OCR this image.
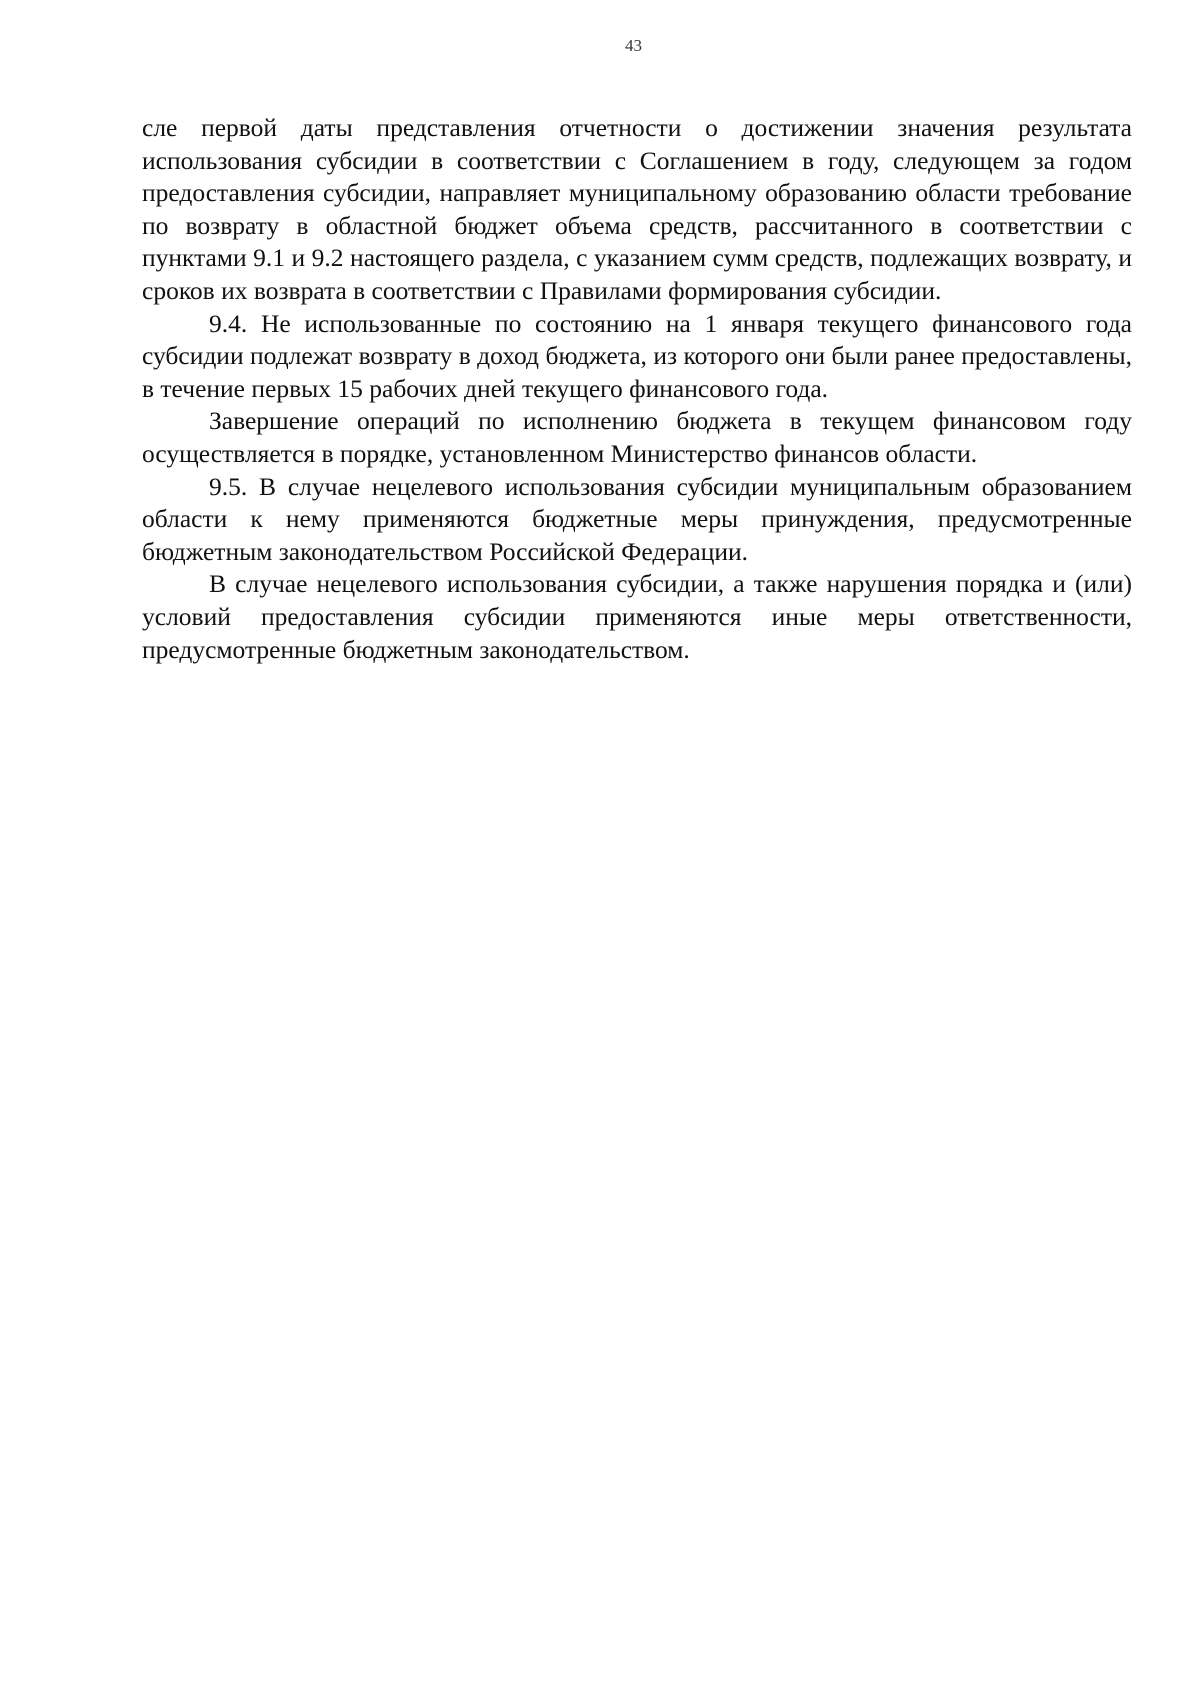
43

сле первой даты представления отчетности о достижении значения результата использования субсидии в соответствии с Соглашением в году, следующем за годом предоставления субсидии, направляет муниципальному образованию области требование по возврату в областной бюджет объема средств, рассчитанного в соответствии с пунктами 9.1 и 9.2 настоящего раздела, с указанием сумм средств, подлежащих возврату, и сроков их возврата в соответствии с Правилами формирования субсидии.

9.4. Не использованные по состоянию на 1 января текущего финансового года субсидии подлежат возврату в доход бюджета, из которого они были ранее предоставлены, в течение первых 15 рабочих дней текущего финансового года.

Завершение операций по исполнению бюджета в текущем финансовом году осуществляется в порядке, установленном Министерство финансов области.

9.5. В случае нецелевого использования субсидии муниципальным образованием области к нему применяются бюджетные меры принуждения, предусмотренные бюджетным законодательством Российской Федерации.

В случае нецелевого использования субсидии, а также нарушения порядка и (или) условий предоставления субсидии применяются иные меры ответственности, предусмотренные бюджетным законодательством.
